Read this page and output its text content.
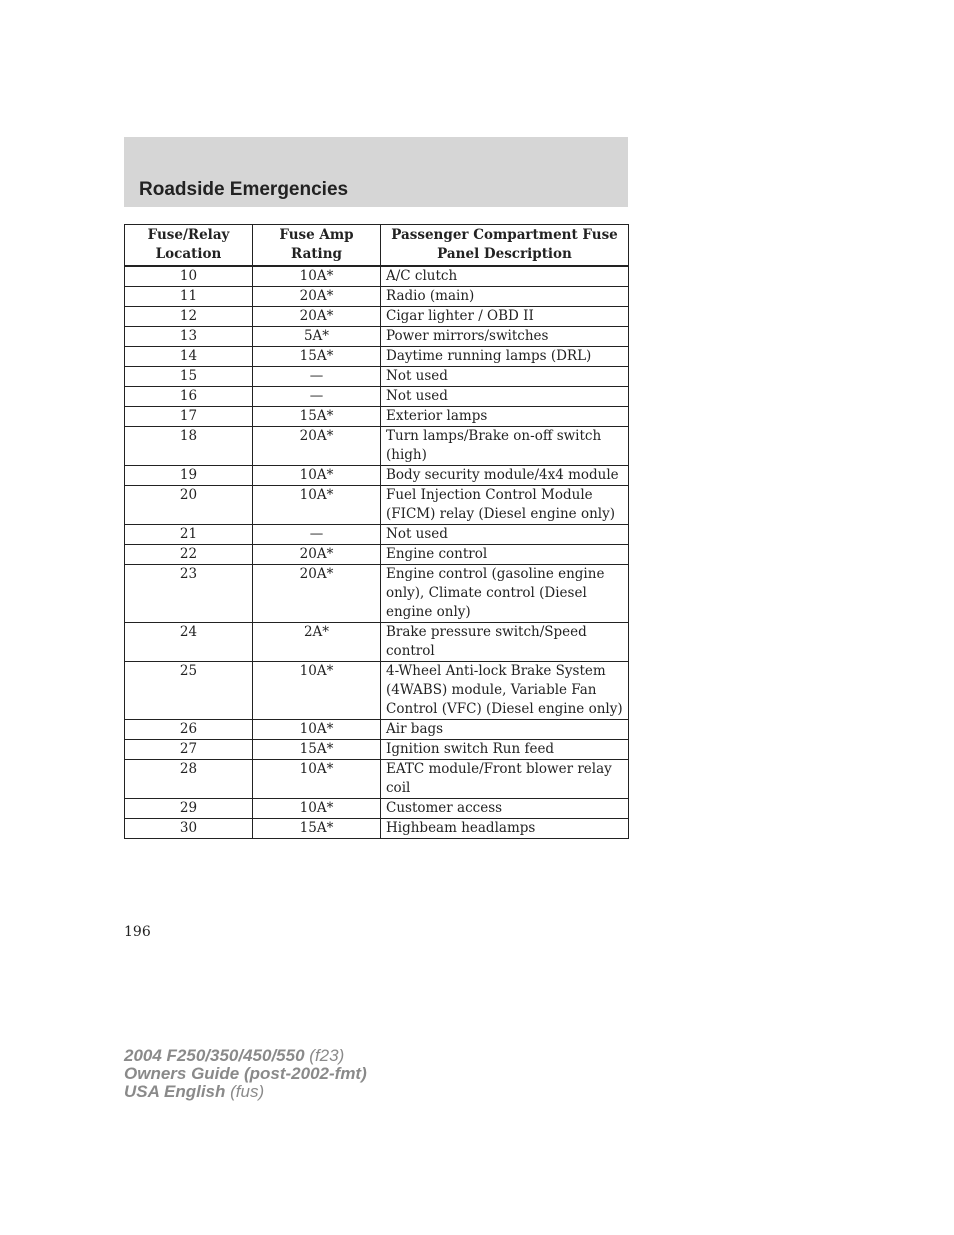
Roadside Emergencies
Fuse/Relay Location	Fuse Amp Rating	Passenger Compartment Fuse Panel Description
10	10A*	A/C clutch
11	20A*	Radio (main)
12	20A*	Cigar lighter / OBD II
13	5A*	Power mirrors/switches
14	15A*	Daytime running lamps (DRL)
15	—	Not used
16	—	Not used
17	15A*	Exterior lamps
18	20A*	Turn lamps/Brake on-off switch (high)
19	10A*	Body security module/4x4 module
20	10A*	Fuel Injection Control Module (FICM) relay (Diesel engine only)
21	—	Not used
22	20A*	Engine control
23	20A*	Engine control (gasoline engine only), Climate control (Diesel engine only)
24	2A*	Brake pressure switch/Speed control
25	10A*	4-Wheel Anti-lock Brake System (4WABS) module, Variable Fan Control (VFC) (Diesel engine only)
26	10A*	Air bags
27	15A*	Ignition switch Run feed
28	10A*	EATC module/Front blower relay coil
29	10A*	Customer access
30	15A*	Highbeam headlamps
196
2004 F250/350/450/550 (f23)
Owners Guide (post-2002-fmt)
USA English (fus)
